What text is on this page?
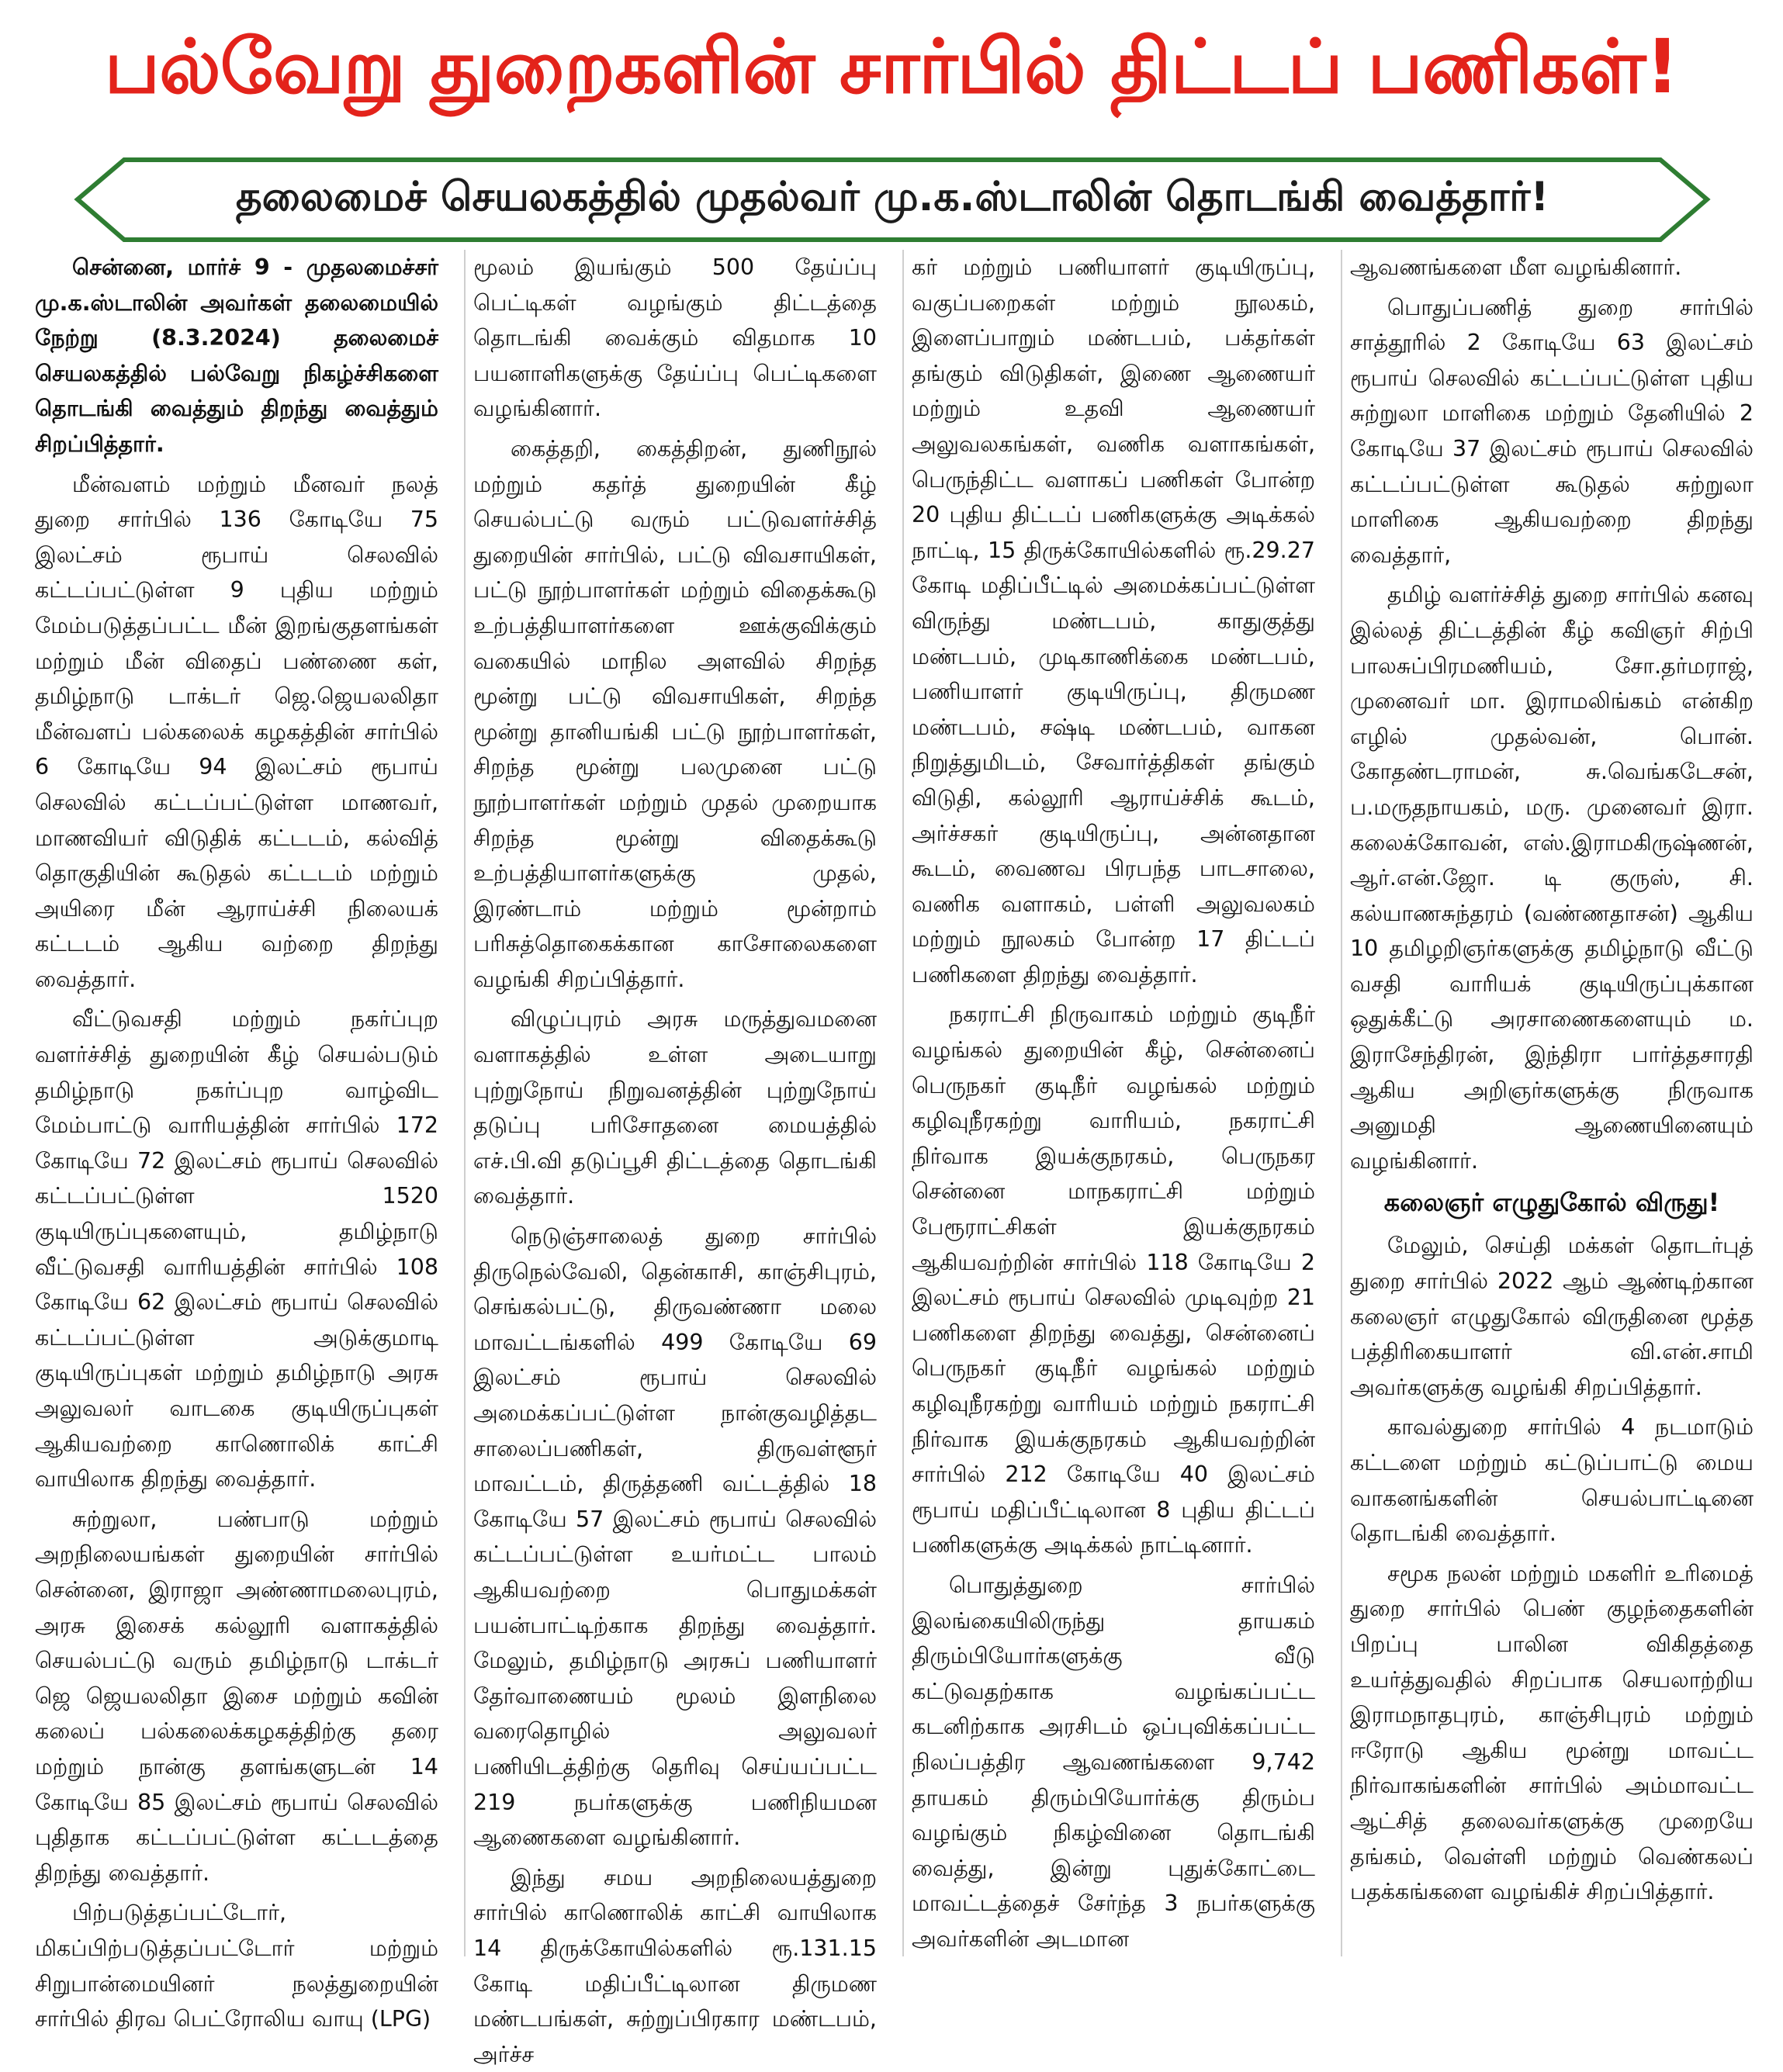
பல்வேறு துறைகளின் சார்பில் திட்டப் பணிகள்!
தலைமைச் செயலகத்தில் முதல்வர் மு.க.ஸ்டாலின் தொடங்கி வைத்தார்!

சென்னை, மார்ச் 9 - முதலமைச்சர் மு.க.ஸ்டாலின் அவர்கள் தலைமையில் நேற்று (8.3.2024) தலைமைச் செயலகத்தில் பல்வேறு நிகழ்ச்சிகளை தொடங்கி வைத்தும் திறந்து வைத்தும் சிறப்பித்தார்.

மீன்வளம் மற்றும் மீனவர் நலத் துறை சார்பில் 136 கோடியே 75 இலட்சம் ரூபாய் செலவில் கட்டப்பட்டுள்ள 9 புதிய மற்றும் மேம்படுத்தப்பட்ட மீன் இறங்குதளங்கள் மற்றும் மீன் விதைப் பண்ணை கள், தமிழ்நாடு டாக்டர் ஜெ.ஜெயலலிதா மீன்வளப் பல்கலைக் கழகத்தின் சார்பில் 6 கோடியே 94 இலட்சம் ரூபாய் செலவில் கட்டப்பட்டுள்ள மாணவர், மாணவியர் விடுதிக் கட்டடம், கல்வித் தொகுதியின் கூடுதல் கட்டடம் மற்றும் அயிரை மீன் ஆராய்ச்சி நிலையக் கட்டடம் ஆகிய வற்றை திறந்து வைத்தார்.

வீட்டுவசதி மற்றும் நகர்ப்புற வளர்ச்சித் துறையின் கீழ் செயல்படும் தமிழ்நாடு நகர்ப்புற வாழ்விட மேம்பாட்டு வாரியத்தின் சார்பில் 172 கோடியே 72 இலட்சம் ரூபாய் செலவில் கட்டப்பட்டுள்ள 1520 குடியிருப்புகளையும், தமிழ்நாடு வீட்டுவசதி வாரியத்தின் சார்பில் 108 கோடியே 62 இலட்சம் ரூபாய் செலவில் கட்டப்பட்டுள்ள அடுக்குமாடி குடியிருப்புகள் மற்றும் தமிழ்நாடு அரசு அலுவலர் வாடகை குடியிருப்புகள் ஆகியவற்றை காணொலிக் காட்சி வாயிலாக திறந்து வைத்தார்.

சுற்றுலா, பண்பாடு மற்றும் அறநிலையங்கள் துறையின் சார்பில் சென்னை, இராஜா அண்ணாமலைபுரம், அரசு இசைக் கல்லூரி வளாகத்தில் செயல்பட்டு வரும் தமிழ்நாடு டாக்டர் ஜெ ஜெயலலிதா இசை மற்றும் கவின் கலைப் பல்கலைக்கழகத்திற்கு தரை மற்றும் நான்கு தளங்களுடன் 14 கோடியே 85 இலட்சம் ரூபாய் செலவில் புதிதாக கட்டப்பட்டுள்ள கட்டடத்தை திறந்து வைத்தார்.

பிற்படுத்தப்பட்டோர், மிகப்பிற்படுத்தப்பட்டோர் மற்றும் சிறுபான்மையினர் நலத்துறையின் சார்பில் திரவ பெட்ரோலிய வாயு (LPG)

மூலம் இயங்கும் 500 தேய்ப்பு பெட்டிகள் வழங்கும் திட்டத்தை தொடங்கி வைக்கும் விதமாக 10 பயனாளிகளுக்கு தேய்ப்பு பெட்டிகளை வழங்கினார்.

கைத்தறி, கைத்திறன், துணிநூல் மற்றும் கதர்த் துறையின் கீழ் செயல்பட்டு வரும் பட்டுவளர்ச்சித் துறையின் சார்பில், பட்டு விவசாயிகள், பட்டு நூற்பாளர்கள் மற்றும் விதைக்கூடு உற்பத்தியாளர்களை ஊக்குவிக்கும் வகையில் மாநில அளவில் சிறந்த மூன்று பட்டு விவசாயிகள், சிறந்த மூன்று தானியங்கி பட்டு நூற்பாளர்கள், சிறந்த மூன்று பலமுனை பட்டு நூற்பாளர்கள் மற்றும் முதல் முறையாக சிறந்த மூன்று விதைக்கூடு உற்பத்தியாளர்களுக்கு முதல், இரண்டாம் மற்றும் மூன்றாம் பரிசுத்தொகைக்கான காசோலைகளை வழங்கி சிறப்பித்தார்.

விழுப்புரம் அரசு மருத்துவமனை வளாகத்தில் உள்ள அடையாறு புற்றுநோய் நிறுவனத்தின் புற்றுநோய் தடுப்பு பரிசோதனை மையத்தில் எச்.பி.வி தடுப்பூசி திட்டத்தை தொடங்கி வைத்தார்.

நெடுஞ்சாலைத் துறை சார்பில் திருநெல்வேலி, தென்காசி, காஞ்சிபுரம், செங்கல்பட்டு, திருவண்ணா மலை மாவட்டங்களில் 499 கோடியே 69 இலட்சம் ரூபாய் செலவில் அமைக்கப்பட்டுள்ள நான்குவழித்தட சாலைப்பணிகள், திருவள்ளூர் மாவட்டம், திருத்தணி வட்டத்தில் 18 கோடியே 57 இலட்சம் ரூபாய் செலவில் கட்டப்பட்டுள்ள உயர்மட்ட பாலம் ஆகியவற்றை பொதுமக்கள் பயன்பாட்டிற்காக திறந்து வைத்தார். மேலும், தமிழ்நாடு அரசுப் பணியாளர் தேர்வாணையம் மூலம் இளநிலை வரைதொழில் அலுவலர் பணியிடத்திற்கு தெரிவு செய்யப்பட்ட 219 நபர்களுக்கு பணிநியமன ஆணைகளை வழங்கினார்.

இந்து சமய அறநிலையத்துறை சார்பில் காணொலிக் காட்சி வாயிலாக 14 திருக்கோயில்களில் ரூ.131.15 கோடி மதிப்பீட்டிலான திருமண மண்டபங்கள், சுற்றுப்பிரகார மண்டபம், அர்ச்ச

கர் மற்றும் பணியாளர் குடியிருப்பு, வகுப்பறைகள் மற்றும் நூலகம், இளைப்பாறும் மண்டபம், பக்தர்கள் தங்கும் விடுதிகள், இணை ஆணையர் மற்றும் உதவி ஆணையர் அலுவலகங்கள், வணிக வளாகங்கள், பெருந்திட்ட வளாகப் பணிகள் போன்ற 20 புதிய திட்டப் பணிகளுக்கு அடிக்கல் நாட்டி, 15 திருக்கோயில்களில் ரூ.29.27 கோடி மதிப்பீட்டில் அமைக்கப்பட்டுள்ள விருந்து மண்டபம், காதுகுத்து மண்டபம், முடிகாணிக்கை மண்டபம், பணியாளர் குடியிருப்பு, திருமண மண்டபம், சஷ்டி மண்டபம், வாகன நிறுத்துமிடம், சேவார்த்திகள் தங்கும் விடுதி, கல்லூரி ஆராய்ச்சிக் கூடம், அர்ச்சகர் குடியிருப்பு, அன்னதான கூடம், வைணவ பிரபந்த பாடசாலை, வணிக வளாகம், பள்ளி அலுவலகம் மற்றும் நூலகம் போன்ற 17 திட்டப் பணிகளை திறந்து வைத்தார்.

நகராட்சி நிருவாகம் மற்றும் குடிநீர் வழங்கல் துறையின் கீழ், சென்னைப் பெருநகர் குடிநீர் வழங்கல் மற்றும் கழிவுநீரகற்று வாரியம், நகராட்சி நிர்வாக இயக்குநரகம், பெருநகர சென்னை மாநகராட்சி மற்றும் பேரூராட்சிகள் இயக்குநரகம் ஆகியவற்றின் சார்பில் 118 கோடியே 2 இலட்சம் ரூபாய் செலவில் முடிவுற்ற 21 பணிகளை திறந்து வைத்து, சென்னைப் பெருநகர் குடிநீர் வழங்கல் மற்றும் கழிவுநீரகற்று வாரியம் மற்றும் நகராட்சி நிர்வாக இயக்குநரகம் ஆகியவற்றின் சார்பில் 212 கோடியே 40 இலட்சம் ரூபாய் மதிப்பீட்டிலான 8 புதிய திட்டப் பணிகளுக்கு அடிக்கல் நாட்டினார்.

பொதுத்துறை சார்பில் இலங்கையிலிருந்து தாயகம் திரும்பியோர்களுக்கு வீடு கட்டுவதற்காக வழங்கப்பட்ட கடனிற்காக அரசிடம் ஒப்புவிக்கப்பட்ட நிலப்பத்திர ஆவணங்களை 9,742 தாயகம் திரும்பியோர்க்கு திரும்ப வழங்கும் நிகழ்வினை தொடங்கி வைத்து, இன்று புதுக்கோட்டை மாவட்டத்தைச் சேர்ந்த 3 நபர்களுக்கு அவர்களின் அடமான

ஆவணங்களை மீள வழங்கினார்.

பொதுப்பணித் துறை சார்பில் சாத்தூரில் 2 கோடியே 63 இலட்சம் ரூபாய் செலவில் கட்டப்பட்டுள்ள புதிய சுற்றுலா மாளிகை மற்றும் தேனியில் 2 கோடியே 37 இலட்சம் ரூபாய் செலவில் கட்டப்பட்டுள்ள கூடுதல் சுற்றுலா மாளிகை ஆகியவற்றை திறந்து வைத்தார்,

தமிழ் வளர்ச்சித் துறை சார்பில் கனவு இல்லத் திட்டத்தின் கீழ் கவிஞர் சிற்பி பாலசுப்பிரமணியம், சோ.தர்மராஜ், முனைவர் மா. இராமலிங்கம் என்கிற எழில் முதல்வன், பொன். கோதண்டராமன், சு.வெங்கடேசன், ப.மருதநாயகம், மரு. முனைவர் இரா. கலைக்கோவன், எஸ்.இராமகிருஷ்ணன், ஆர்.என்.ஜோ. டி குருஸ், சி. கல்யாணசுந்தரம் (வண்ணதாசன்) ஆகிய 10 தமிழறிஞர்களுக்கு தமிழ்நாடு வீட்டு வசதி வாரியக் குடியிருப்புக்கான ஒதுக்கீட்டு அரசாணைகளையும் ம. இராசேந்திரன், இந்திரா பார்த்தசாரதி ஆகிய அறிஞர்களுக்கு நிருவாக அனுமதி ஆணையினையும் வழங்கினார்.

கலைஞர் எழுதுகோல் விருது!

மேலும், செய்தி மக்கள் தொடர்புத் துறை சார்பில் 2022 ஆம் ஆண்டிற்கான கலைஞர் எழுதுகோல் விருதினை மூத்த பத்திரிகையாளர் வி.என்.சாமி அவர்களுக்கு வழங்கி சிறப்பித்தார்.

காவல்துறை சார்பில் 4 நடமாடும் கட்டளை மற்றும் கட்டுப்பாட்டு மைய வாகனங்களின் செயல்பாட்டினை தொடங்கி வைத்தார்.

சமூக நலன் மற்றும் மகளிர் உரிமைத் துறை சார்பில் பெண் குழந்தைகளின் பிறப்பு பாலின விகிதத்தை உயர்த்துவதில் சிறப்பாக செயலாற்றிய இராமநாதபுரம், காஞ்சிபுரம் மற்றும் ஈரோடு ஆகிய மூன்று மாவட்ட நிர்வாகங்களின் சார்பில் அம்மாவட்ட ஆட்சித் தலைவர்களுக்கு முறையே தங்கம், வெள்ளி மற்றும் வெண்கலப் பதக்கங்களை வழங்கிச் சிறப்பித்தார்.
